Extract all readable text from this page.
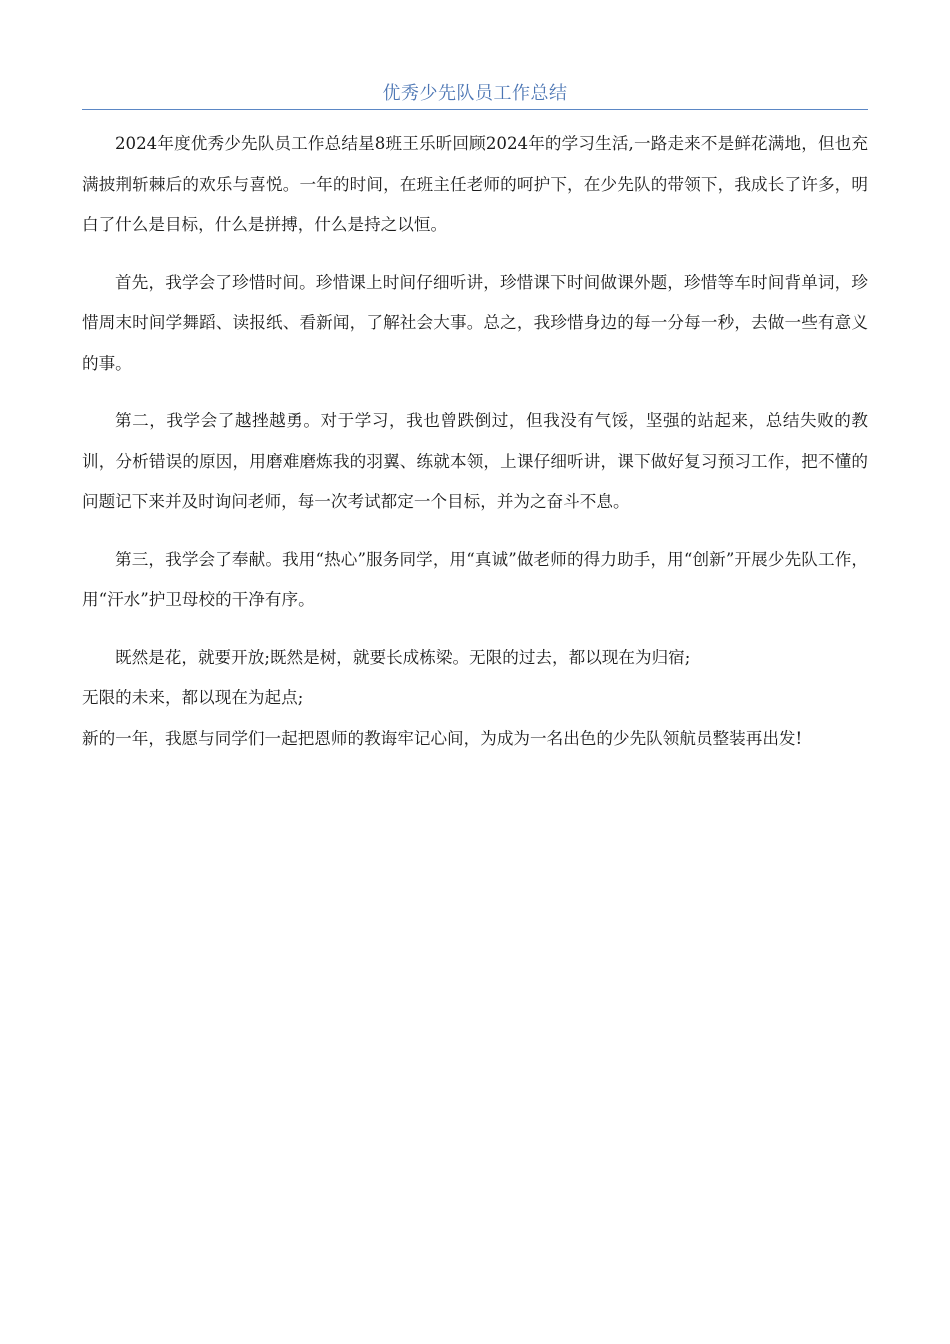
优秀少先队员工作总结

2024年度优秀少先队员工作总结星8班王乐昕回顾2024年的学习生活,一路走来不是鲜花满地，但也充满披荆斩棘后的欢乐与喜悦。一年的时间，在班主任老师的呵护下，在少先队的带领下，我成长了许多，明白了什么是目标，什么是拼搏，什么是持之以恒。

首先，我学会了珍惜时间。珍惜课上时间仔细听讲，珍惜课下时间做课外题，珍惜等车时间背单词，珍惜周末时间学舞蹈、读报纸、看新闻，了解社会大事。总之，我珍惜身边的每一分每一秒，去做一些有意义的事。

第二，我学会了越挫越勇。对于学习，我也曾跌倒过，但我没有气馁，坚强的站起来，总结失败的教训，分析错误的原因，用磨难磨炼我的羽翼、练就本领，上课仔细听讲，课下做好复习预习工作，把不懂的问题记下来并及时询问老师，每一次考试都定一个目标，并为之奋斗不息。

第三，我学会了奉献。我用“热心”服务同学，用“真诚”做老师的得力助手，用“创新”开展少先队工作，用“汗水”护卫母校的干净有序。

既然是花，就要开放;既然是树，就要长成栋梁。无限的过去，都以现在为归宿;

无限的未来，都以现在为起点;

新的一年，我愿与同学们一起把恩师的教诲牢记心间，为成为一名出色的少先队领航员整装再出发!
